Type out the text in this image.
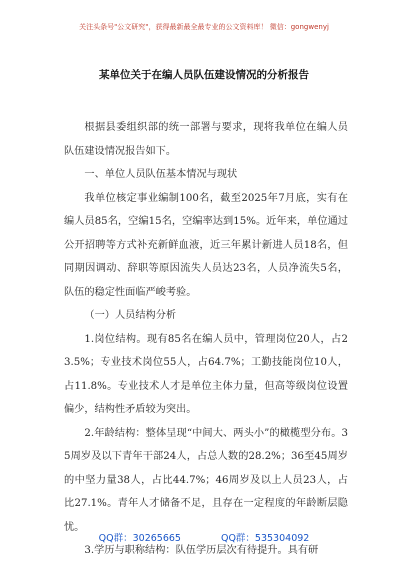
关注头条号"公文研究"，获得最新最全最专业的公文资料库！ 微信：gongwenyj
某单位关于在编人员队伍建设情况的分析报告

根据县委组织部的统一部署与要求，现将我单位在编人员队伍建设情况报告如下。

一、单位人员队伍基本情况与现状

我单位核定事业编制100名，截至2025年7月底，实有在编人员85名，空编15名，空编率达到15%。近年来，单位通过公开招聘等方式补充新鲜血液，近三年累计新进人员18名，但同期因调动、辞职等原因流失人员达23名，人员净流失5名，队伍的稳定性面临严峻考验。

（一）人员结构分析

1.岗位结构。现有85名在编人员中，管理岗位20人，占23.5%；专业技术岗位55人，占64.7%；工勤技能岗位10人，占11.8%。专业技术人才是单位主体力量，但高等级岗位设置偏少，结构性矛盾较为突出。

2.年龄结构：整体呈现“中间大、两头小”的橄榄型分布。35周岁及以下青年干部24人，占总人数的28.2%；36至45周岁的中坚力量38人，占比44.7%；46周岁及以上人员23人，占比27.1%。青年人才储备不足，且存在一定程度的年龄断层隐忧。

3.学历与职称结构：队伍学历层次有待提升。具有研

QQ群：30265665	QQ群：535304092
